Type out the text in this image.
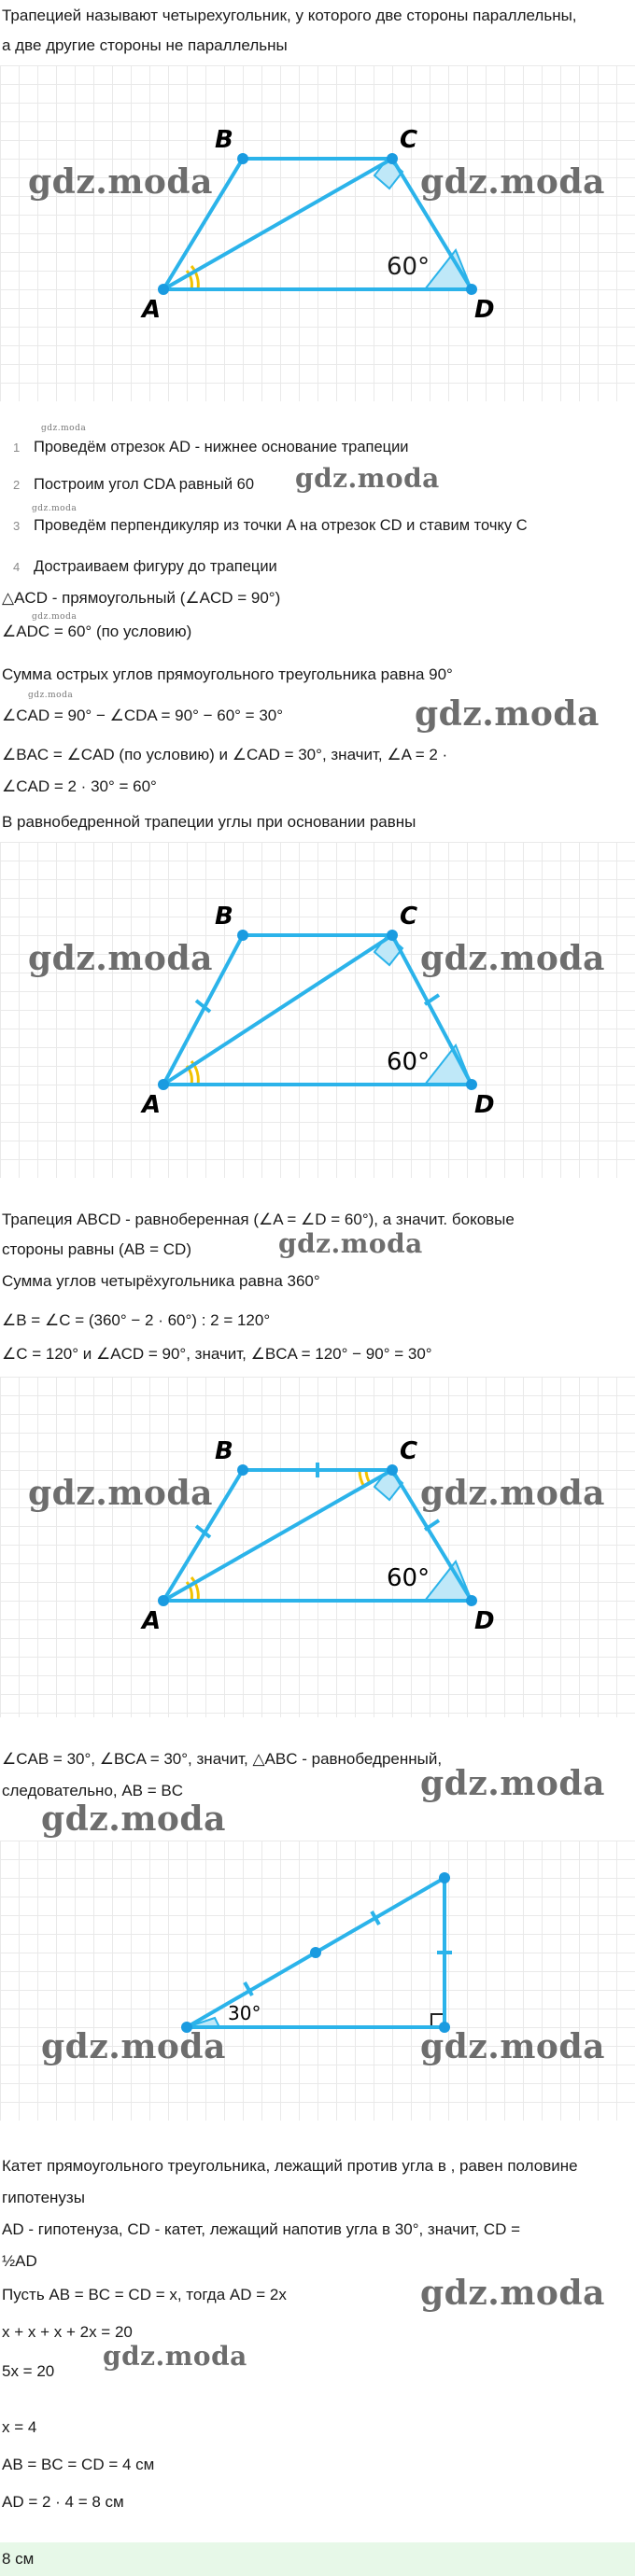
Трапецией называют четырехугольник, у которого две стороны параллельны,
а две другие стороны не параллельны
A
B	C
D
60°
gdz.moda	gdz.moda
gdz.moda
1 Проведём отрезок AD - нижнее основание трапеции
2 Построим угол CDA равный 60 gdz.moda
gdz.moda
3 Проведём перпендикуляр из точки A на отрезок CD и ставим точку C
4 Достраиваем фигуру до трапеции
△ACD - прямоугольный (∠ACD = 90°)
gdz.moda
∠ADC = 60° (по условию)
Сумма острых углов прямоугольного треугольника равна 90°
gdz.moda
∠CAD = 90° − ∠CDA = 90° − 60° = 30°	gdz.moda
∠BAC = ∠CAD (по условию) и ∠CAD = 30°, значит, ∠A = 2 ·
∠CAD = 2 · 30° = 60°
В равнобедренной трапеции углы при основании равны
A
B	C
D
60°
gdz.moda	gdz.moda
Трапеция ABCD - равноберенная (∠A = ∠D = 60°), а значит. боковые
стороны равны (AB = CD)	gdz.moda
Сумма углов четырёхугольника равна 360°
∠B = ∠C = (360° − 2 · 60°) : 2 = 120°
∠C = 120° и ∠ACD = 90°, значит, ∠BCA = 120° − 90° = 30°
A
B	C
D
60°
gdz.moda	gdz.moda
∠CAB = 30°, ∠BCA = 30°, значит, △ABC - равнобедренный,
следовательно, AB = BC	gdz.moda
gdz.moda
30°
gdz.moda	gdz.moda
Катет прямоугольного треугольника, лежащий против угла в , равен половине
гипотенузы
AD - гипотенуза, CD - катет, лежащий напотив угла в 30°, значит, CD =
½AD
Пусть AB = BC = CD = x, тогда AD = 2x	gdz.moda
x + x + x + 2x = 20
gdz.moda
5x = 20
x = 4
AB = BC = CD = 4 см
AD = 2 · 4 = 8 см
8 см
